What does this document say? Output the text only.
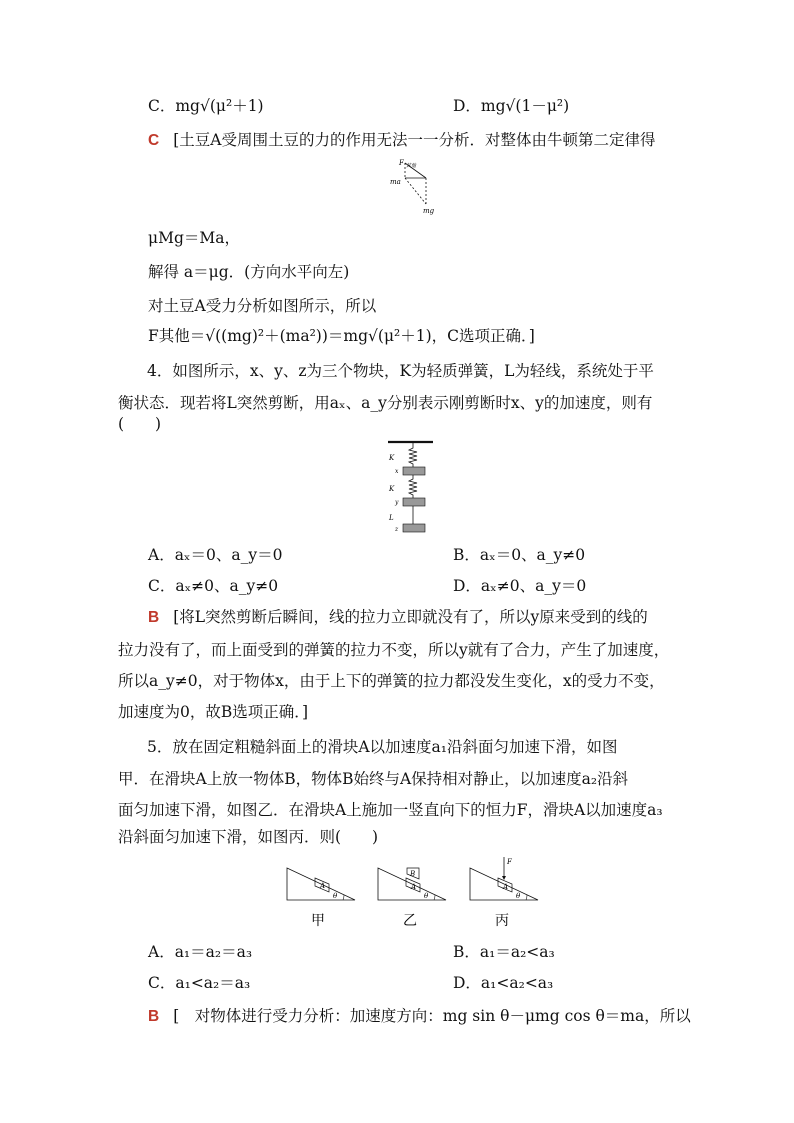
C．mg√(μ²＋1)	D．mg√(1－μ²)
C [土豆A受周围土豆的力的作用无法一一分析．对整体由牛顿第二定律得
F 其他
ma
mg
μMg＝Ma，
解得 a＝μg．(方向水平向左)
对土豆A受力分析如图所示，所以
F其他＝√((mg)²＋(ma²))＝mg√(μ²＋1)，C选项正确．]
4．如图所示，x、y、z为三个物块，K为轻质弹簧，L为轻线，系统处于平
衡状态．现若将L突然剪断，用aₓ、a_y分别表示刚剪断时x、y的加速度，则有
(　　)
K
x
K
y
L
z
A．aₓ＝0、a_y＝0	B．aₓ＝0、a_y≠0
C．aₓ≠0、a_y≠0	D．aₓ≠0、a_y＝0
B [将L突然剪断后瞬间，线的拉力立即就没有了，所以y原来受到的线的
拉力没有了，而上面受到的弹簧的拉力不变，所以y就有了合力，产生了加速度，
所以a_y≠0，对于物体x，由于上下的弹簧的拉力都没发生变化，x的受力不变，
加速度为0，故B选项正确．]
5．放在固定粗糙斜面上的滑块A以加速度a₁沿斜面匀加速下滑，如图
甲．在滑块A上放一物体B，物体B始终与A保持相对静止，以加速度a₂沿斜
面匀加速下滑，如图乙．在滑块A上施加一竖直向下的恒力F，滑块A以加速度a₃
沿斜面匀加速下滑，如图丙．则(　　)
A
θ
甲
B
A
θ
乙
F
A
θ
丙
A．a₁＝a₂＝a₃	B．a₁＝a₂<a₃
C．a₁<a₂＝a₃	D．a₁<a₂<a₃
B [　对物体进行受力分析：加速度方向：mg sin θ－μmg cos θ＝ma，所以
